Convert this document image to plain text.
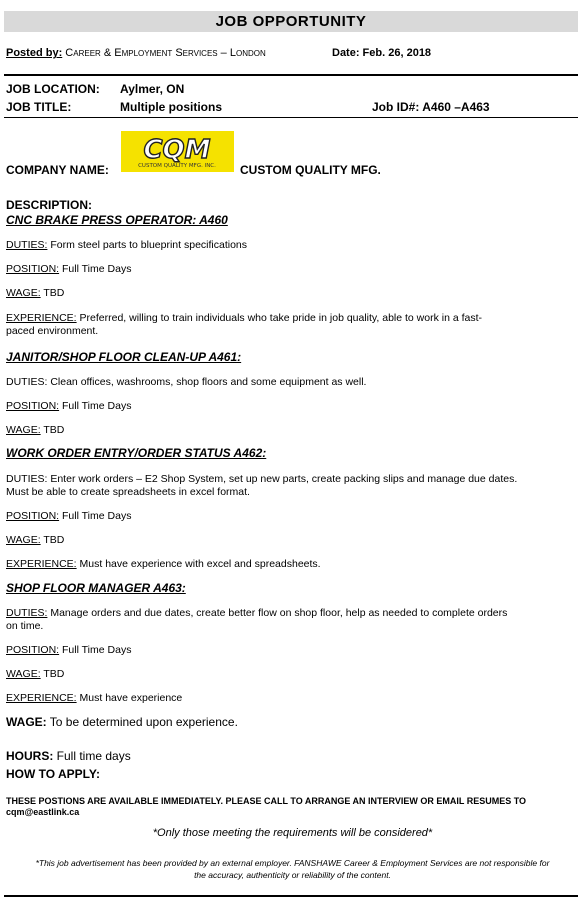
JOB OPPORTUNITY
Posted by: Career & Employment Services – London	Date: Feb. 26, 2018
JOB LOCATION: Aylmer, ON
JOB TITLE:	Multiple positions	Job ID#: A460 –A463
COMPANY NAME:
CQM
CUSTOM QUALITY MFG. INC. CUSTOM QUALITY MFG.
DESCRIPTION:
CNC BRAKE PRESS OPERATOR: A460
DUTIES: Form steel parts to blueprint specifications
POSITION: Full Time Days
WAGE: TBD
EXPERIENCE: Preferred, willing to train individuals who take pride in job quality, able to work in a fast-
paced environment.
JANITOR/SHOP FLOOR CLEAN-UP A461:
DUTIES: Clean offices, washrooms, shop floors and some equipment as well.
POSITION: Full Time Days
WAGE: TBD
WORK ORDER ENTRY/ORDER STATUS A462:
DUTIES: Enter work orders – E2 Shop System, set up new parts, create packing slips and manage due dates.
Must be able to create spreadsheets in excel format.
POSITION: Full Time Days
WAGE: TBD
EXPERIENCE: Must have experience with excel and spreadsheets.
SHOP FLOOR MANAGER A463:
DUTIES: Manage orders and due dates, create better flow on shop floor, help as needed to complete orders
on time.
POSITION: Full Time Days
WAGE: TBD
EXPERIENCE: Must have experience
WAGE: To be determined upon experience.
HOURS: Full time days
HOW TO APPLY:
THESE POSTIONS ARE AVAILABLE IMMEDIATELY. PLEASE CALL TO ARRANGE AN INTERVIEW OR EMAIL RESUMES TO
cqm@eastlink.ca
*Only those meeting the requirements will be considered*
*This job advertisement has been provided by an external employer. FANSHAWE Career & Employment Services are not responsible for
the accuracy, authenticity or reliability of the content.
